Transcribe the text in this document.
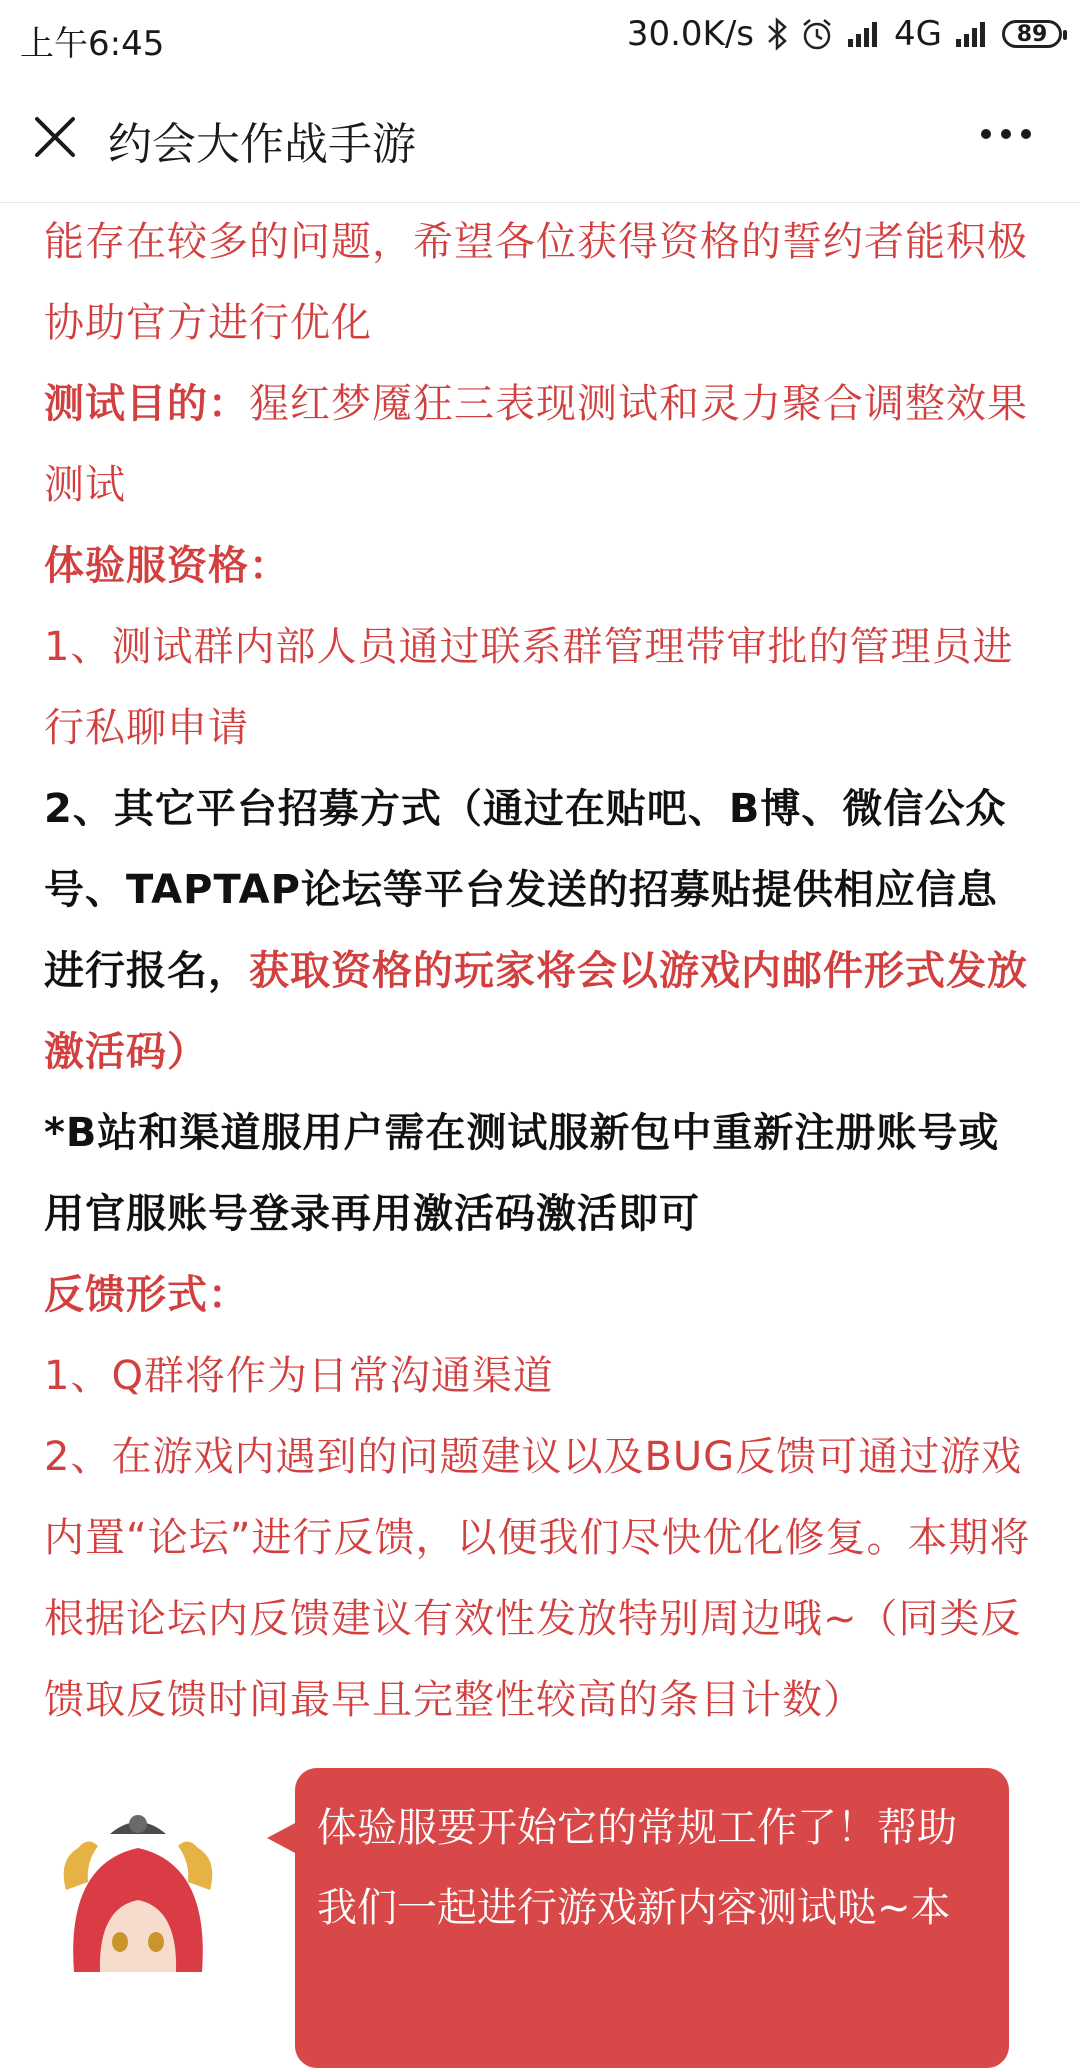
上午6:45	30.0K/s	4G	89
约会大作战手游

能存在较多的问题，希望各位获得资格的誓约者能积极协助官方进行优化

测试目的：猩红梦魇狂三表现测试和灵力聚合调整效果测试

体验服资格：

1、测试群内部人员通过联系群管理带审批的管理员进行私聊申请

2、其它平台招募方式（通过在贴吧、B博、微信公众号、TAPTAP论坛等平台发送的招募贴提供相应信息进行报名，获取资格的玩家将会以游戏内邮件形式发放激活码）

*B站和渠道服用户需在测试服新包中重新注册账号或用官服账号登录再用激活码激活即可

反馈形式：

1、Q群将作为日常沟通渠道

2、在游戏内遇到的问题建议以及BUG反馈可通过游戏内置“论坛”进行反馈，以便我们尽快优化修复。本期将根据论坛内反馈建议有效性发放特别周边哦~（同类反馈取反馈时间最早且完整性较高的条目计数）

体验服要开始它的常规工作了！帮助我们一起进行游戏新内容测试哒~本
